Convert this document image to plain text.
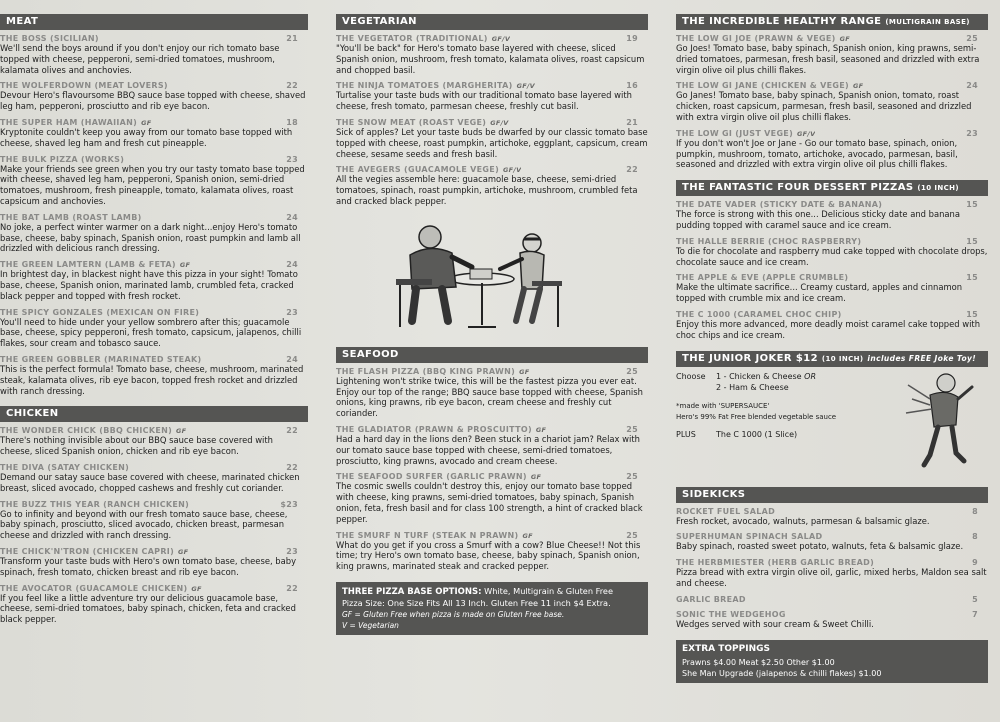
MEAT
THE BOSS (SICILIAN)	21
We'll send the boys around if you don't enjoy our rich tomato base topped with cheese, pepperoni, semi-dried tomatoes, mushroom, kalamata olives and anchovies.
THE WOLFERDOWN (MEAT LOVERS)	22
Devour Hero's flavoursome BBQ sauce base topped with cheese, shaved leg ham, pepperoni, prosciutto and rib eye bacon.
THE SUPER HAM (HAWAIIAN) GF	18
Kryptonite couldn't keep you away from our tomato base topped with cheese, shaved leg ham and fresh cut pineapple.
THE BULK PIZZA (WORKS)	23
Make your friends see green when you try our tasty tomato base topped with cheese, shaved leg ham, pepperoni, Spanish onion, semi-dried tomatoes, mushroom, fresh pineapple, tomato, kalamata olives, roast capsicum and anchovies.
THE BAT LAMB (ROAST LAMB)	24
No joke, a perfect winter warmer on a dark night...enjoy Hero's tomato base, cheese, baby spinach, Spanish onion, roast pumpkin and lamb all drizzled with delicious ranch dressing.
THE GREEN LAMTERN (LAMB & FETA) GF	24
In brightest day, in blackest night have this pizza in your sight! Tomato base, cheese, Spanish onion, marinated lamb, crumbled feta, cracked black pepper and topped with fresh rocket.
THE SPICY GONZALES (MEXICAN ON FIRE)	23
You'll need to hide under your yellow sombrero after this; guacamole base, cheese, spicy pepperoni, fresh tomato, capsicum, jalapenos, chilli flakes, sour cream and tobasco sauce.
THE GREEN GOBBLER (MARINATED STEAK)	24
This is the perfect formula! Tomato base, cheese, mushroom, marinated steak, kalamata olives, rib eye bacon, topped fresh rocket and drizzled with ranch dressing.
CHICKEN
THE WONDER CHICK (BBQ CHICKEN) GF	22
There's nothing invisible about our BBQ sauce base covered with cheese, sliced Spanish onion, chicken and rib eye bacon.
THE DIVA (SATAY CHICKEN)	22
Demand our satay sauce base covered with cheese, marinated chicken breast, sliced avocado, chopped cashews and freshly cut coriander.
THE BUZZ THIS YEAR (RANCH CHICKEN)	$23
Go to infinity and beyond with our fresh tomato sauce base, cheese, baby spinach, prosciutto, sliced avocado, chicken breast, parmesan cheese and drizzled with ranch dressing.
THE CHICK'N'TRON (CHICKEN CAPRI) GF	23
Transform your taste buds with Hero's own tomato base, cheese, baby spinach, fresh tomato, chicken breast and rib eye bacon.
THE AVOCATOR (GUACAMOLE CHICKEN) GF	22
If you feel like a little adventure try our delicious guacamole base, cheese, semi-dried tomatoes, baby spinach, chicken, feta and cracked black pepper.
VEGETARIAN
THE VEGETATOR (TRADITIONAL) GF/V	19
"You'll be back" for Hero's tomato base layered with cheese, sliced Spanish onion, mushroom, fresh tomato, kalamata olives, roast capsicum and chopped basil.
THE NINJA TOMATOES (MARGHERITA) GF/V	16
Turtalise your taste buds with our traditional tomato base layered with cheese, fresh tomato, parmesan cheese, freshly cut basil.
THE SNOW MEAT (ROAST VEGE) GF/V	21
Sick of apples? Let your taste buds be dwarfed by our classic tomato base topped with cheese, roast pumpkin, artichoke, eggplant, capsicum, cream cheese, sesame seeds and fresh basil.
THE AVEGERS (GUACAMOLE VEGE) GF/V	22
All the vegies assemble here: guacamole base, cheese, semi-dried tomatoes, spinach, roast pumpkin, artichoke, mushroom, crumbled feta and cracked black pepper.
SEAFOOD
THE FLASH PIZZA (BBQ KING PRAWN) GF	25
Lightening won't strike twice, this will be the fastest pizza you ever eat. Enjoy our top of the range; BBQ sauce base topped with cheese, Spanish onions, king prawns, rib eye bacon, cream cheese and freshly cut coriander.
THE GLADIATOR (PRAWN & PROSCUITTO) GF	25
Had a hard day in the lions den? Been stuck in a chariot jam? Relax with our tomato sauce base topped with cheese, semi-dried tomatoes, prosciutto, king prawns, avocado and cream cheese.
THE SEAFOOD SURFER (GARLIC PRAWN) GF	25
The cosmic swells couldn't destroy this, enjoy our tomato base topped with cheese, king prawns, semi-dried tomatoes, baby spinach, Spanish onion, feta, fresh basil and for class 100 strength, a hint of cracked black pepper.
THE SMURF N TURF (STEAK N PRAWN) GF	25
What do you get if you cross a Smurf with a cow? Blue Cheese!! Not this time; try Hero's own tomato base, cheese, baby spinach, Spanish onion, king prawns, marinated steak and cracked pepper.
THREE PIZZA BASE OPTIONS: White, Multigrain & Gluten Free
Pizza Size: One Size Fits All 13 Inch. Gluten Free 11 inch $4 Extra.
GF = Gluten Free when pizza is made on Gluten Free base.
V = Vegetarian
THE INCREDIBLE HEALTHY RANGE (MULTIGRAIN BASE)
THE LOW GI JOE (PRAWN & VEGE) GF	25
Go Joes! Tomato base, baby spinach, Spanish onion, king prawns, semi-dried tomatoes, parmesan, fresh basil, seasoned and drizzled with extra virgin olive oil plus chilli flakes.
THE LOW GI JANE (CHICKEN & VEGE) GF	24
Go Janes! Tomato base, baby spinach, Spanish onion, tomato, roast chicken, roast capsicum, parmesan, fresh basil, seasoned and drizzled with extra virgin olive oil plus chilli flakes.
THE LOW GI (JUST VEGE) GF/V	23
If you don't won't Joe or Jane - Go our tomato base, spinach, onion, pumpkin, mushroom, tomato, artichoke, avocado, parmesan, basil, seasoned and drizzled with extra virgin olive oil plus chilli flakes.
THE FANTASTIC FOUR DESSERT PIZZAS (10 INCH)
THE DATE VADER (STICKY DATE & BANANA)	15
The force is strong with this one... Delicious sticky date and banana pudding topped with caramel sauce and ice cream.
THE HALLE BERRIE (CHOC RASPBERRY)	15
To die for chocolate and raspberry mud cake topped with chocolate drops, chocolate sauce and ice cream.
THE APPLE & EVE (APPLE CRUMBLE)	15
Make the ultimate sacrifice... Creamy custard, apples and cinnamon topped with crumble mix and ice cream.
THE C 1000 (CARAMEL CHOC CHIP)	15
Enjoy this more advanced, more deadly moist caramel cake topped with choc chips and ice cream.
THE JUNIOR JOKER $12 (10 INCH) includes FREE Joke Toy!
Choose	1 - Chicken & Cheese
OR
2 - Ham & Cheese
*made with 'SUPERSAUCE'
Hero's 99% Fat Free blended vegetable sauce
PLUS	The C 1000 (1 Slice)
SIDEKICKS
ROCKET FUEL SALAD	8
Fresh rocket, avocado, walnuts, parmesan & balsamic glaze.
SUPERHUMAN SPINACH SALAD	8
Baby spinach, roasted sweet potato, walnuts, feta & balsamic glaze.
THE HERBMIESTER (HERB GARLIC BREAD)	9
Pizza bread with extra virgin olive oil, garlic, mixed herbs, Maldon sea salt and cheese.
GARLIC BREAD	5
SONIC THE WEDGEHOG	7
Wedges served with sour cream & Sweet Chilli.
EXTRA TOPPINGS
Prawns $4.00 Meat $2.50 Other $1.00
She Man Upgrade (jalapenos & chilli flakes) $1.00
